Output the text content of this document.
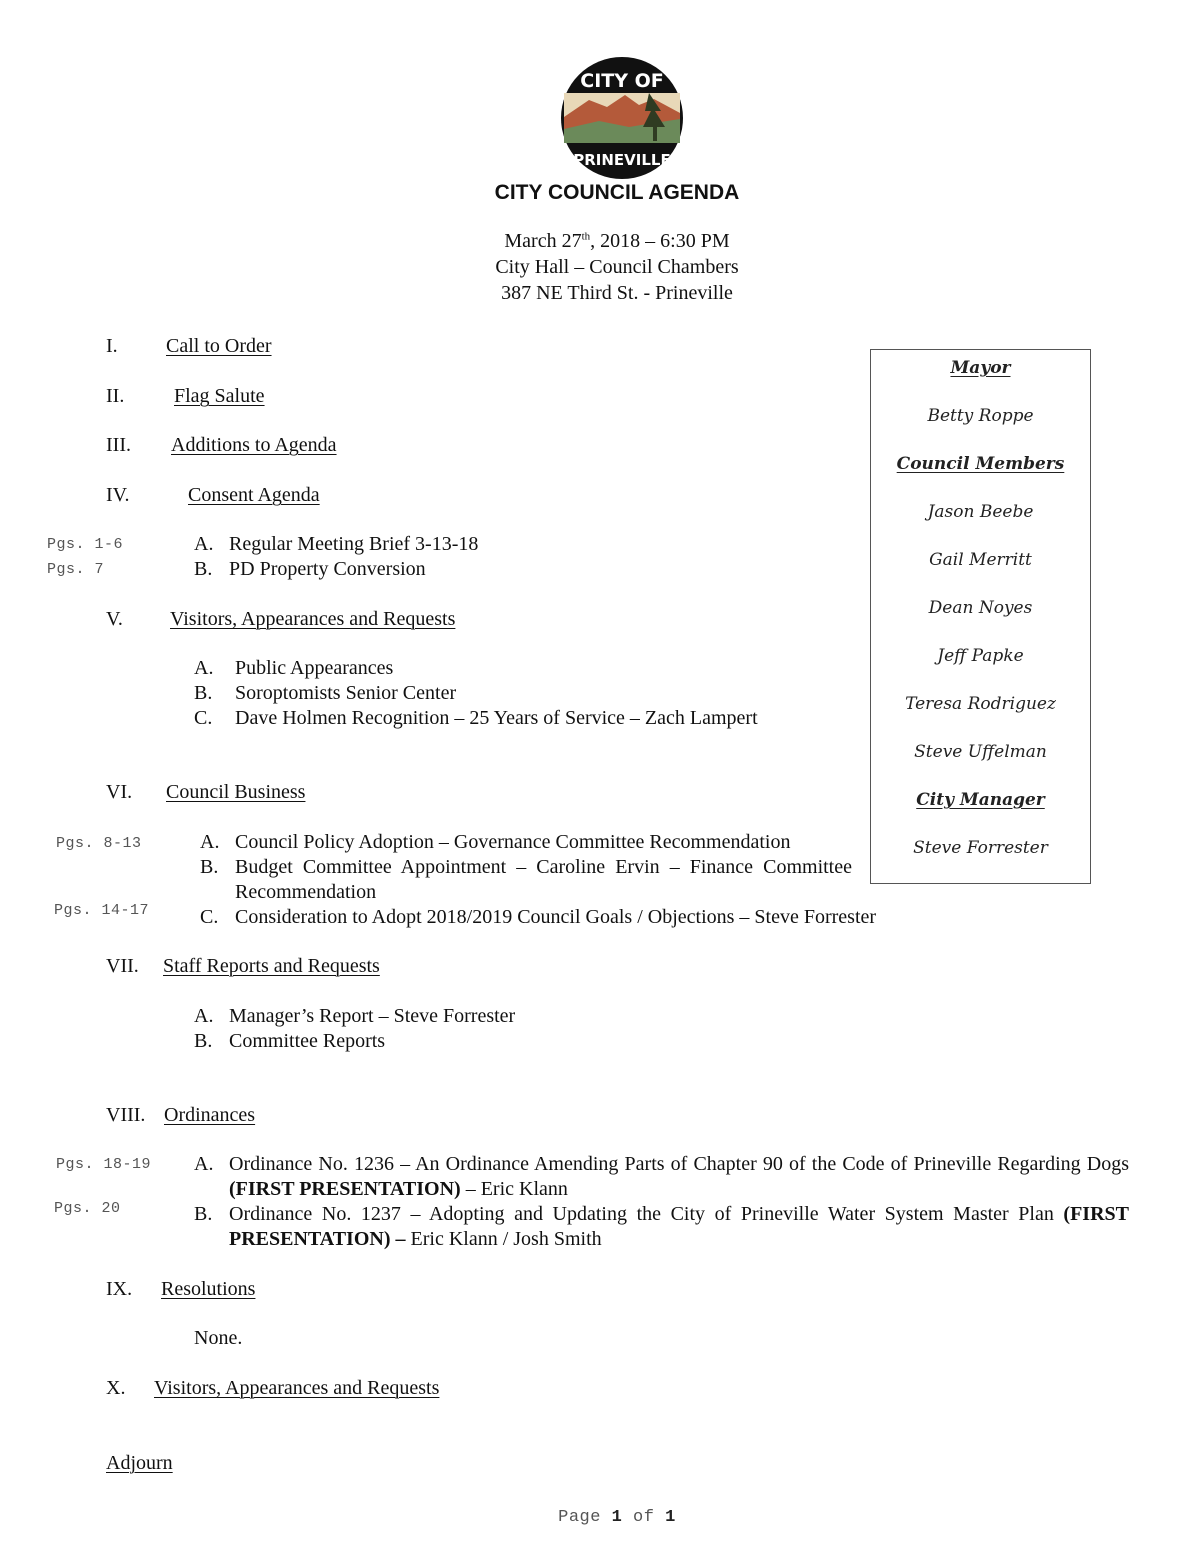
CITY OF
PRINEVILLE
CITY COUNCIL AGENDA
March 27th, 2018 – 6:30 PM
City Hall – Council Chambers
387 NE Third St. - Prineville
I. Call to Order
II. Flag Salute
III. Additions to Agenda
IV.	Consent Agenda
Pgs. 1-6	A. Regular Meeting Brief 3-13-18
Pgs. 7	B. PD Property Conversion
V. Visitors, Appearances and Requests
A. Public Appearances
B. Soroptomists Senior Center
C. Dave Holmen Recognition – 25 Years of Service – Zach Lampert
VI. Council Business
Pgs. 8-13	A. Council Policy Adoption – Governance Committee Recommendation
B. Budget Committee Appointment – Caroline Ervin – Finance Committee Recommendation
Pgs. 14-17	C. Consideration to Adopt 2018/2019 Council Goals / Objections – Steve Forrester
VII. Staff Reports and Requests
A. Manager’s Report – Steve Forrester
B. Committee Reports
VIII. Ordinances
Pgs. 18-19 A. Ordinance No. 1236 – An Ordinance Amending Parts of Chapter 90 of the Code of Prineville Regarding Dogs (FIRST PRESENTATION) – Eric Klann
Pgs. 20	B. Ordinance No. 1237 – Adopting and Updating the City of Prineville Water System Master Plan (FIRST PRESENTATION) – Eric Klann / Josh Smith
IX. Resolutions
None.
X. Visitors, Appearances and Requests
Adjourn
Mayor
Betty Roppe
Council Members
Jason Beebe
Gail Merritt
Dean Noyes
Jeff Papke
Teresa Rodriguez
Steve Uffelman
City Manager
Steve Forrester
Page 1 of 1
